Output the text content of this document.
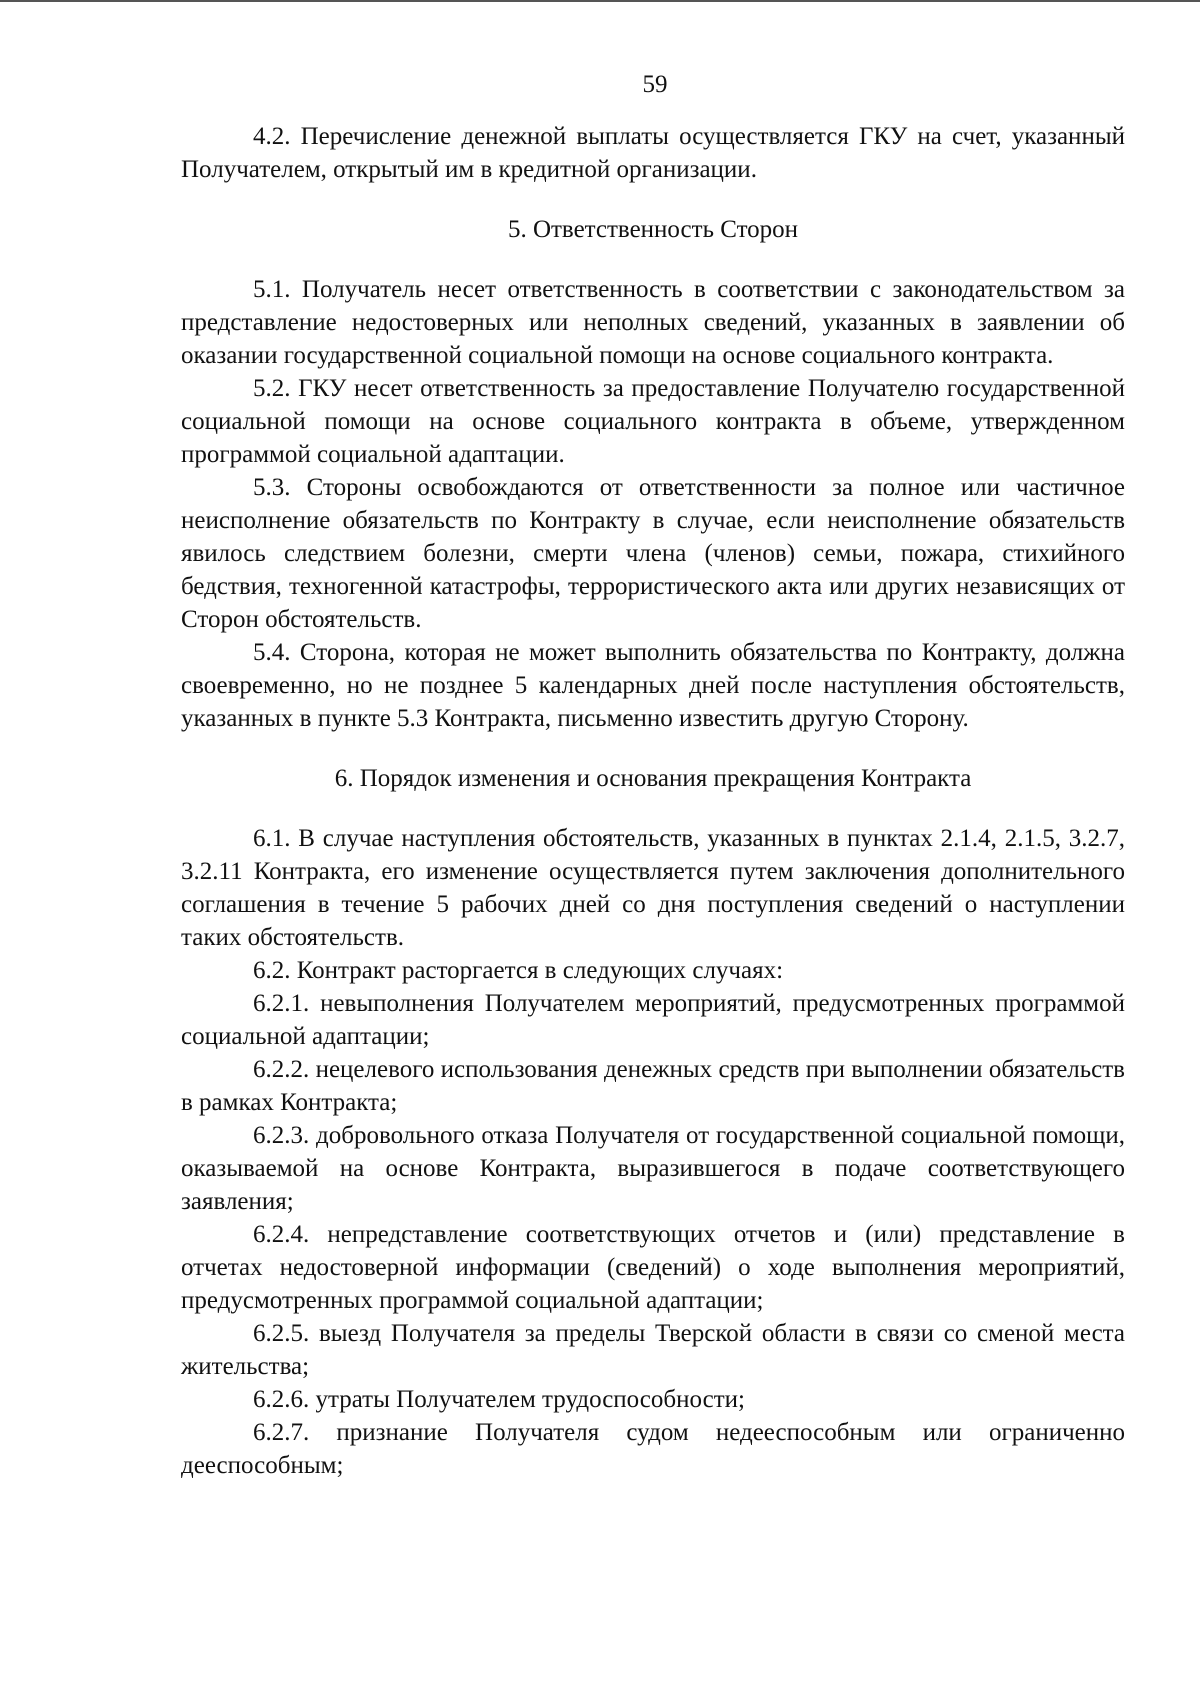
59

4.2. Перечисление денежной выплаты осуществляется ГКУ на счет, указанный Получателем, открытый им в кредитной организации.

5. Ответственность Сторон

5.1. Получатель несет ответственность в соответствии с законодательством за представление недостоверных или неполных сведений, указанных в заявлении об оказании государственной социальной помощи на основе социального контракта.

5.2. ГКУ несет ответственность за предоставление Получателю государственной социальной помощи на основе социального контракта в объеме, утвержденном программой социальной адаптации.

5.3. Стороны освобождаются от ответственности за полное или частичное неисполнение обязательств по Контракту в случае, если неисполнение обязательств явилось следствием болезни, смерти члена (членов) семьи, пожара, стихийного бедствия, техногенной катастрофы, террористического акта или других независящих от Сторон обстоятельств.

5.4. Сторона, которая не может выполнить обязательства по Контракту, должна своевременно, но не позднее 5 календарных дней после наступления обстоятельств, указанных в пункте 5.3 Контракта, письменно известить другую Сторону.

6. Порядок изменения и основания прекращения Контракта

6.1. В случае наступления обстоятельств, указанных в пунктах 2.1.4, 2.1.5, 3.2.7, 3.2.11 Контракта, его изменение осуществляется путем заключения дополнительного соглашения в течение 5 рабочих дней со дня поступления сведений о наступлении таких обстоятельств.

6.2. Контракт расторгается в следующих случаях:

6.2.1. невыполнения Получателем мероприятий, предусмотренных программой социальной адаптации;

6.2.2. нецелевого использования денежных средств при выполнении обязательств в рамках Контракта;

6.2.3. добровольного отказа Получателя от государственной социальной помощи, оказываемой на основе Контракта, выразившегося в подаче соответствующего заявления;

6.2.4. непредставление соответствующих отчетов и (или) представление в отчетах недостоверной информации (сведений) о ходе выполнения мероприятий, предусмотренных программой социальной адаптации;

6.2.5. выезд Получателя за пределы Тверской области в связи со сменой места жительства;

6.2.6. утраты Получателем трудоспособности;

6.2.7. признание Получателя судом недееспособным или ограниченно дееспособным;
